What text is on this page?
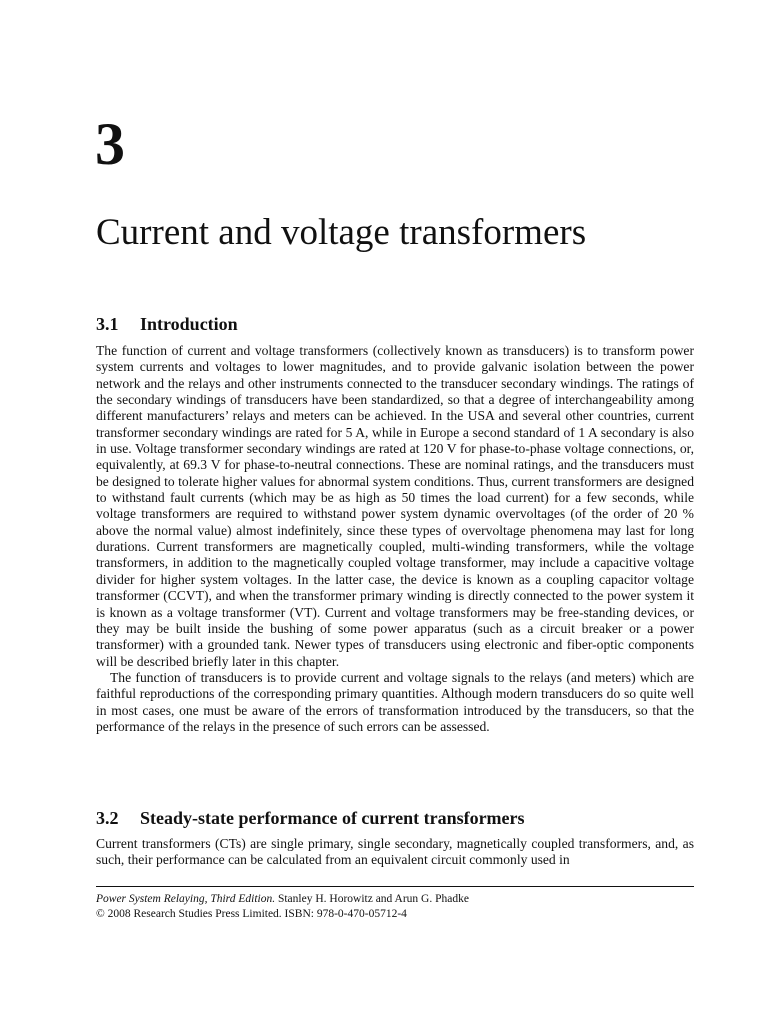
3
Current and voltage transformers
3.1 Introduction

The function of current and voltage transformers (collectively known as transducers) is to transform power system currents and voltages to lower magnitudes, and to provide galvanic isolation between the power network and the relays and other instruments connected to the transducer secondary windings. The ratings of the secondary windings of transducers have been standardized, so that a degree of interchangeability among different manufacturers’ relays and meters can be achieved. In the USA and several other countries, current transformer secondary windings are rated for 5 A, while in Europe a second standard of 1 A secondary is also in use. Voltage transformer secondary windings are rated at 120 V for phase-to-phase voltage connections, or, equivalently, at 69.3 V for phase-to-neutral connections. These are nominal ratings, and the transducers must be designed to tolerate higher values for abnormal system conditions. Thus, current transformers are designed to withstand fault currents (which may be as high as 50 times the load current) for a few seconds, while voltage transformers are required to withstand power system dynamic overvoltages (of the order of 20 % above the normal value) almost indefinitely, since these types of overvoltage phenomena may last for long durations. Current transformers are magnetically coupled, multi-winding transformers, while the voltage transformers, in addition to the magnetically coupled voltage transformer, may include a capacitive voltage divider for higher system voltages. In the latter case, the device is known as a coupling capacitor voltage transformer (CCVT), and when the transformer primary winding is directly connected to the power system it is known as a voltage transformer (VT). Current and voltage transformers may be free-standing devices, or they may be built inside the bushing of some power apparatus (such as a circuit breaker or a power transformer) with a grounded tank. Newer types of transducers using electronic and fiber-optic components will be described briefly later in this chapter.

The function of transducers is to provide current and voltage signals to the relays (and meters) which are faithful reproductions of the corresponding primary quantities. Although modern transducers do so quite well in most cases, one must be aware of the errors of transformation introduced by the transducers, so that the performance of the relays in the presence of such errors can be assessed.

3.2 Steady-state performance of current transformers

Current transformers (CTs) are single primary, single secondary, magnetically coupled transformers, and, as such, their performance can be calculated from an equivalent circuit commonly used in

Power System Relaying, Third Edition. Stanley H. Horowitz and Arun G. Phadke
© 2008 Research Studies Press Limited. ISBN: 978-0-470-05712-4
